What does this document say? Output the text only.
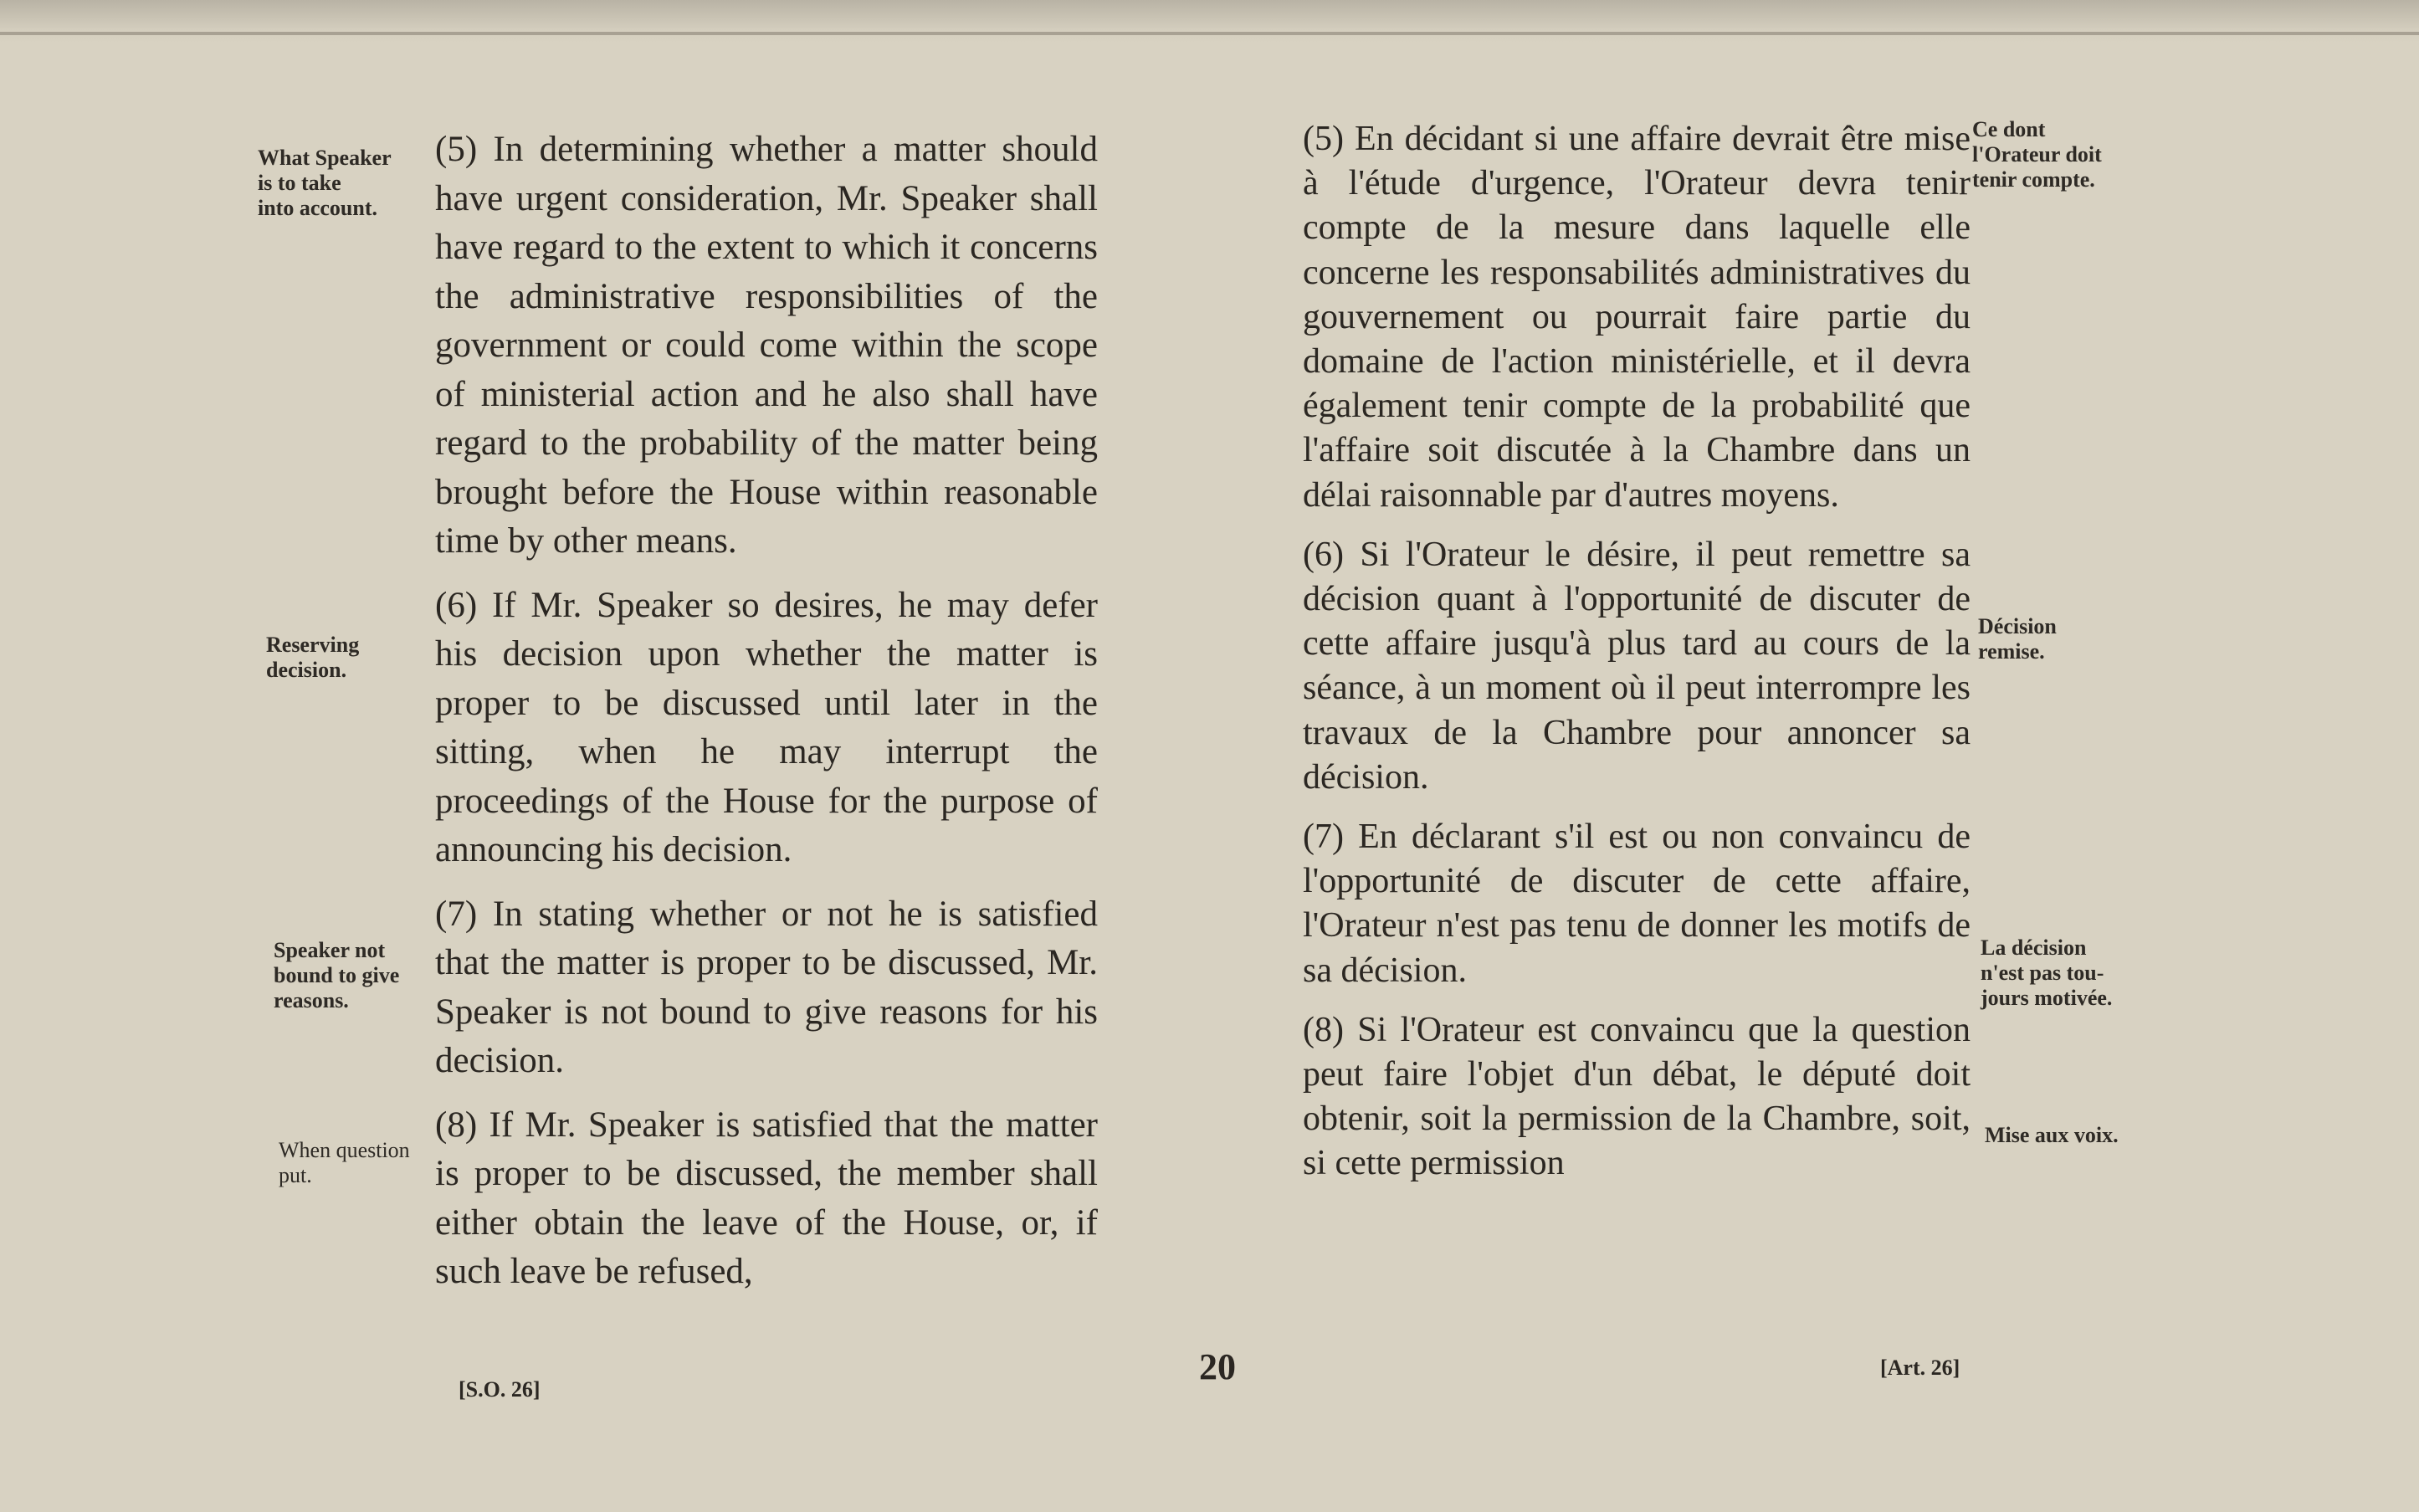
What Speaker
is to take
into account.
Reserving
decision.
Speaker not
bound to give
reasons.
When question
put.

(5) In determining whether a matter should have urgent consideration, Mr. Speaker shall have regard to the extent to which it concerns the administrative responsibilities of the government or could come within the scope of ministerial action and he also shall have regard to the probability of the matter being brought before the House within reasonable time by other means.

(6) If Mr. Speaker so desires, he may defer his decision upon whether the matter is proper to be discussed until later in the sitting, when he may interrupt the proceedings of the House for the purpose of announcing his decision.

(7) In stating whether or not he is satisfied that the matter is proper to be discussed, Mr. Speaker is not bound to give reasons for his decision.

(8) If Mr. Speaker is satisfied that the matter is proper to be discussed, the member shall either obtain the leave of the House, or, if such leave be refused,

(5) En décidant si une affaire devrait être mise à l'étude d'urgence, l'Orateur devra tenir compte de la mesure dans laquelle elle concerne les responsabilités administratives du gouvernement ou pourrait faire partie du domaine de l'action ministérielle, et il devra également tenir compte de la probabilité que l'affaire soit discutée à la Chambre dans un délai raisonnable par d'autres moyens.

(6) Si l'Orateur le désire, il peut remettre sa décision quant à l'opportunité de discuter de cette affaire jusqu'à plus tard au cours de la séance, à un moment où il peut interrompre les travaux de la Chambre pour annoncer sa décision.

(7) En déclarant s'il est ou non convaincu de l'opportunité de discuter de cette affaire, l'Orateur n'est pas tenu de donner les motifs de sa décision.

(8) Si l'Orateur est convaincu que la question peut faire l'objet d'un débat, le député doit obtenir, soit la permission de la Chambre, soit, si cette permission

Ce dont
l'Orateur doit
tenir compte.
Décision
remise.
La décision
n'est pas tou-
jours motivée.
Mise aux voix.
20
[S.O. 26]
[Art. 26]
